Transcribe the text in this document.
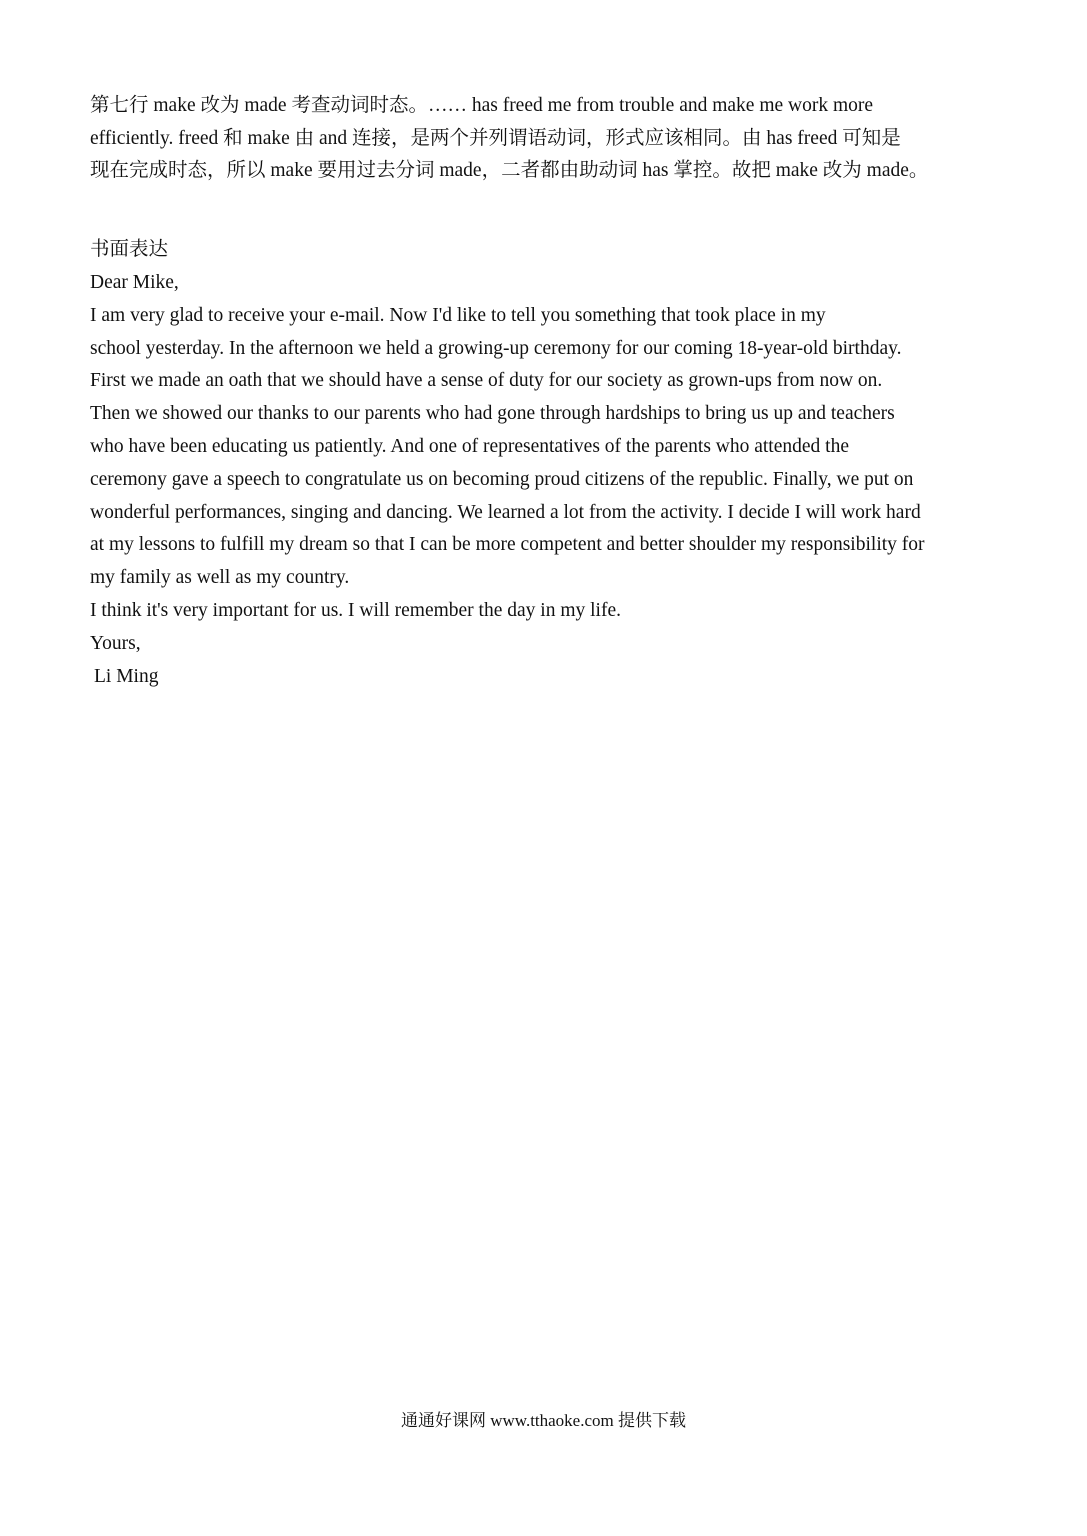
第七行 make 改为 made 考查动词时态。…… has freed me from trouble and make me work more
efficiently. freed 和 make 由 and 连接，是两个并列谓语动词，形式应该相同。由 has freed 可知是
现在完成时态，所以 make 要用过去分词 made，二者都由助动词 has 掌控。故把 make 改为 made。
书面表达
Dear Mike,
I am very glad to receive your e-mail. Now I'd like to tell you something that took place in my
school yesterday. In the afternoon we held a growing-up ceremony for our coming 18-year-old birthday.
First we made an oath that we should have a sense of duty for our society as grown-ups from now on.
Then we showed our thanks to our parents who had gone through hardships to bring us up and teachers
who have been educating us patiently. And one of representatives of the parents who attended the
ceremony gave a speech to congratulate us on becoming proud citizens of the republic. Finally, we put on
wonderful performances, singing and dancing. We learned a lot from the activity. I decide I will work hard
at my lessons to fulfill my dream so that I can be more competent and better shoulder my responsibility for
my family as well as my country.
I think it's very important for us. I will remember the day in my life.
Yours,
Li Ming
通通好课网 www.tthaoke.com 提供下载
